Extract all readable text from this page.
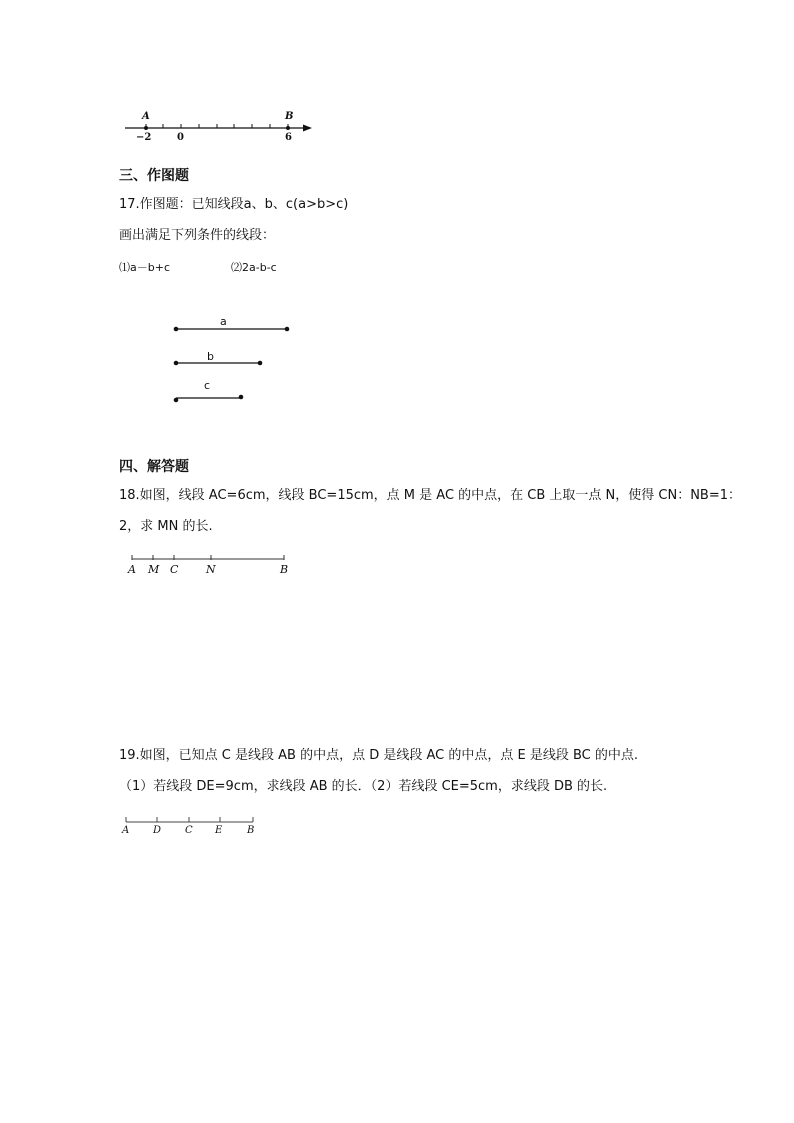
A	B
−2	0	6
三、作图题
17.作图题：已知线段a、b、c(a>b>c)
画出满足下列条件的线段：
⑴a－b+c	⑵2a-b-c
a
b
c
四、解答题
18.如图，线段 AC=6cm，线段 BC=15cm，点 M 是 AC 的中点，在 CB 上取一点 N，使得 CN：NB=1：
2，求 MN 的长.
A M C	N	B
19.如图，已知点 C 是线段 AB 的中点，点 D 是线段 AC 的中点，点 E 是线段 BC 的中点.
（1）若线段 DE=9cm，求线段 AB 的长．（2）若线段 CE=5cm，求线段 DB 的长.
A D C E B
